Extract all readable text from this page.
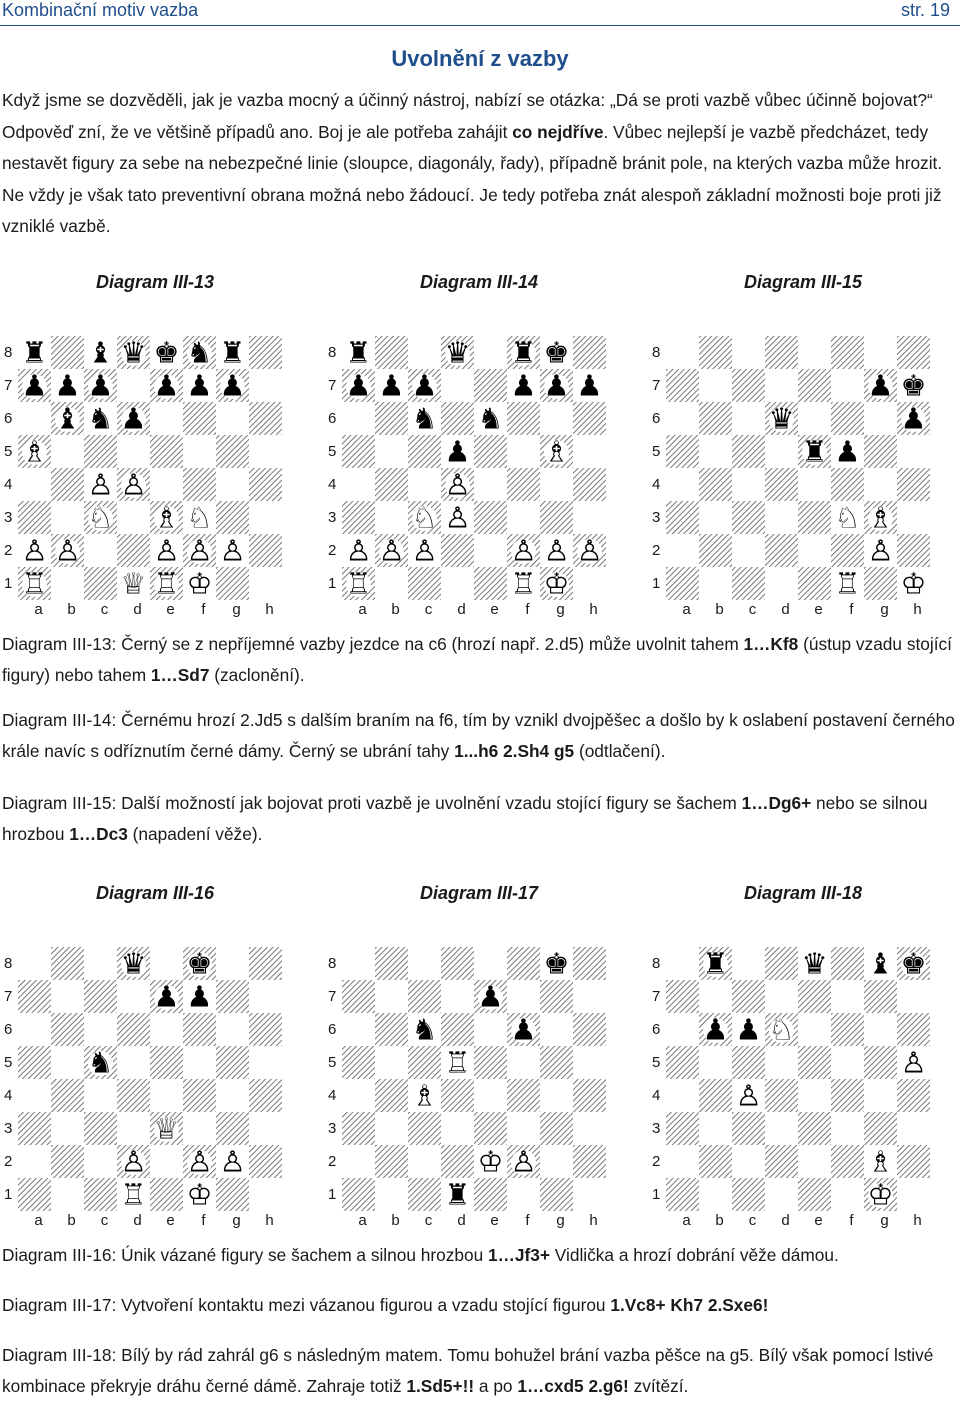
Kombinační motiv vazba	str. 19
Uvolnění z vazby
Když jsme se dozvěděli, jak je vazba mocný a účinný nástroj, nabízí se otázka: „Dá se proti vazbě vůbec účinně bojovat?“ Odpověď zní, že ve většině případů ano. Boj je ale potřeba zahájit co nejdříve. Vůbec nejlepší je vazbě předcházet, tedy nestavět figury za sebe na nebezpečné linie (sloupce, diagonály, řady), případně bránit pole, na kterých vazba může hrozit. Ne vždy je však tato preventivní obrana možná nebo žádoucí. Je tedy potřeba znát alespoň základní možnosti boje proti již vzniklé vazbě.
Diagram III-13	Diagram III-14	Diagram III-15
♜ ♝ ♛ ♚ ♞ ♜
♟ ♟ ♟ ♟ ♟ ♟
♝ ♞ ♟
♗
♙ ♙
♘ ♗ ♘
♙ ♙	♙ ♙ ♙
♖	♕ ♖ ♔
♜	♛ ♜ ♚
♟ ♟ ♟	♟ ♟ ♟
♞ ♞
♟	♗
♙
♘ ♙
♙ ♙ ♙	♙ ♙ ♙
♖	♖ ♔
♟ ♚
♛	♟
♜ ♟
♘ ♗
♙
♖ ♔
8
7
6
5
4
3
2
1
8
7
6
5
4
3
2
1
8
7
6
5
4
3
2
1
a	b	c	d	e	f	g	h	a	b	c	d	e	f	g	h	a	b	c	d	e	f	g	h
Diagram III-13: Černý se z nepříjemné vazby jezdce na c6 (hrozí např. 2.d5) může uvolnit tahem 1…Kf8 (ústup vzadu stojící figury) nebo tahem 1…Sd7 (zaclonění).
Diagram III-14: Černému hrozí 2.Jd5 s dalším braním na f6, tím by vznikl dvojpěšec a došlo by k oslabení postavení černého krále navíc s odříznutím černé dámy. Černý se ubrání tahy 1...h6 2.Sh4 g5 (odtlačení).
Diagram III-15: Další možností jak bojovat proti vazbě je uvolnění vzadu stojící figury se šachem 1…Dg6+ nebo se silnou hrozbou 1…Dc3 (napadení věže).
Diagram III-16	Diagram III-17	Diagram III-18
♛ ♚
♟ ♟
♞
♕
♙ ♙ ♙
♖ ♔
♚
♟
♞	♟
♖
♗
♔ ♙
♜
♜	♛ ♝ ♚
♟ ♟ ♘
♙
♙
♗
♔
8
7
6
5
4
3
2
1
8
7
6
5
4
3
2
1
8
7
6
5
4
3
2
1
a	b	c	d	e	f	g	h	a	b	c	d	e	f	g	h	a	b	c	d	e	f	g	h
Diagram III-16: Únik vázané figury se šachem a silnou hrozbou 1…Jf3+ Vidlička a hrozí dobrání věže dámou.
Diagram III-17: Vytvoření kontaktu mezi vázanou figurou a vzadu stojící figurou 1.Vc8+ Kh7 2.Sxe6!
Diagram III-18: Bílý by rád zahrál g6 s následným matem. Tomu bohužel brání vazba pěšce na g5. Bílý však pomocí lstivé kombinace překryje dráhu černé dámě. Zahraje totiž 1.Sd5+!! a po 1…cxd5 2.g6! zvítězí.
